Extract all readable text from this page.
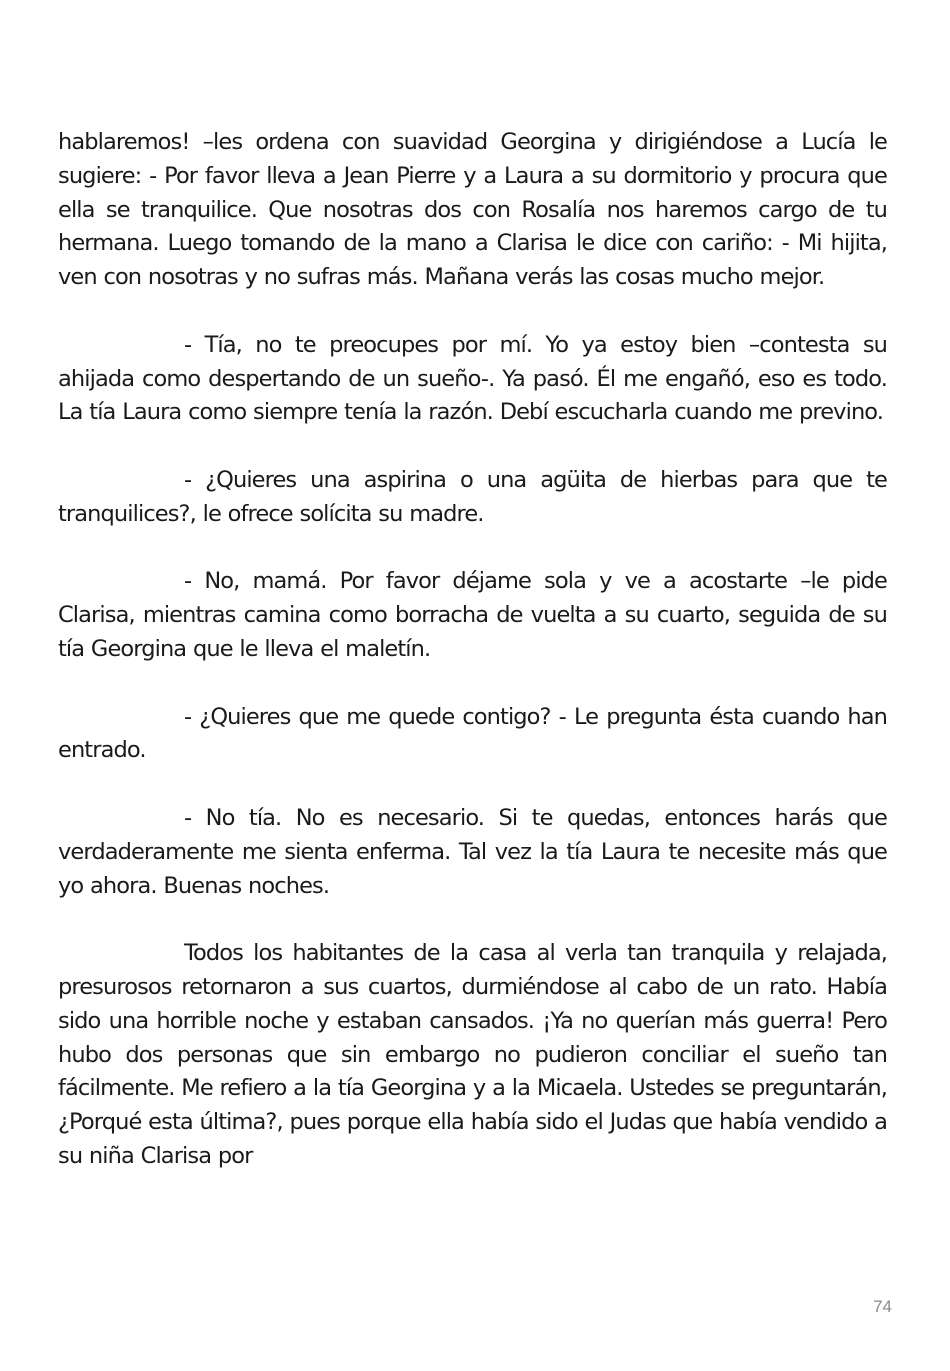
hablaremos! –les ordena con suavidad Georgina y dirigiéndose a Lucía le sugiere: - Por favor lleva a Jean Pierre y a Laura a su dormitorio y procura que ella se tranquilice. Que nosotras dos con Rosalía nos haremos cargo de tu hermana. Luego tomando de la mano a Clarisa le dice con cariño: - Mi hijita, ven con nosotras y no sufras más. Mañana verás las cosas mucho mejor.

- Tía, no te preocupes por mí. Yo ya estoy bien –contesta su ahijada como despertando de un sueño-. Ya pasó. Él me engañó, eso es todo. La tía Laura como siempre tenía la razón. Debí escucharla cuando me previno.

- ¿Quieres una aspirina o una agüita de hierbas para que te tranquilices?, le ofrece solícita su madre.

- No, mamá. Por favor déjame sola y ve a acostarte –le pide Clarisa, mientras camina como borracha de vuelta a su cuarto, seguida de su tía Georgina que le lleva el maletín.

- ¿Quieres que me quede contigo? - Le pregunta ésta cuando han entrado.

- No tía. No es necesario. Si te quedas, entonces harás que verdaderamente me sienta enferma. Tal vez la tía Laura te necesite más que yo ahora. Buenas noches.

Todos los habitantes de la casa al verla tan tranquila y relajada, presurosos retornaron a sus cuartos, durmiéndose al cabo de un rato. Había sido una horrible noche y estaban cansados. ¡Ya no querían más guerra! Pero hubo dos personas que sin embargo no pudieron conciliar el sueño tan fácilmente. Me refiero a la tía Georgina y a la Micaela. Ustedes se preguntarán, ¿Porqué esta última?, pues porque ella había sido el Judas que había vendido a su niña Clarisa por

74
